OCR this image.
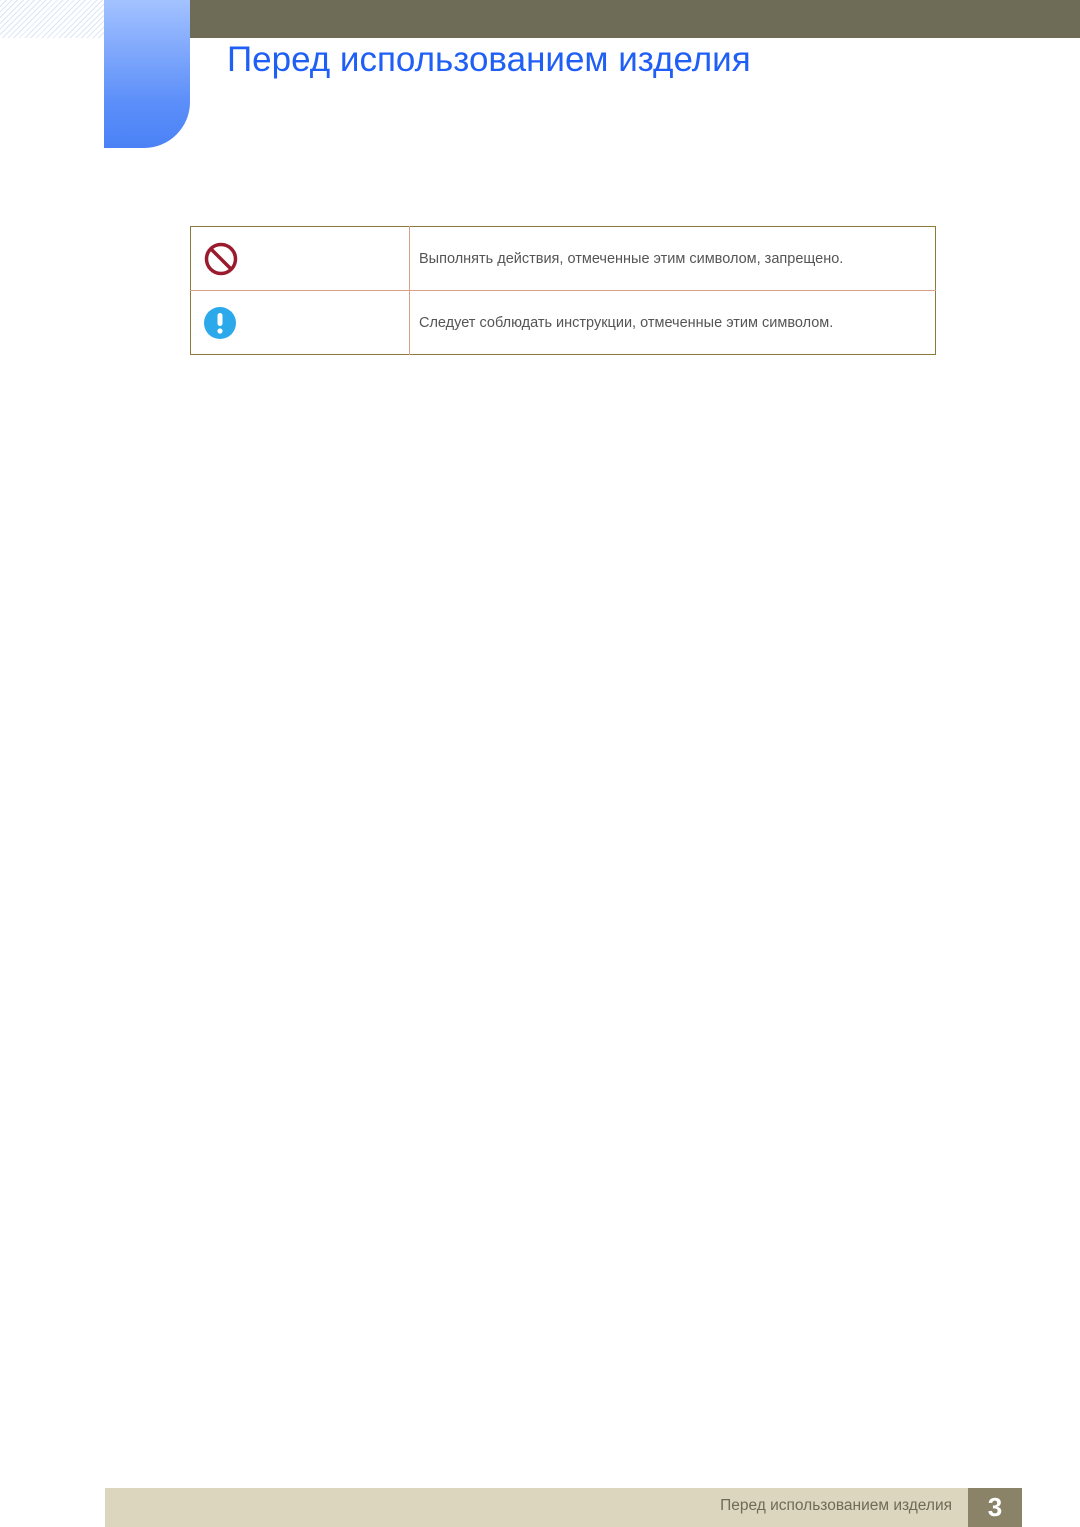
Перед использованием изделия
	Выполнять действия, отмеченные этим символом, запрещено.

	Следует соблюдать инструкции, отмеченные этим символом.
Перед использованием изделия	3
